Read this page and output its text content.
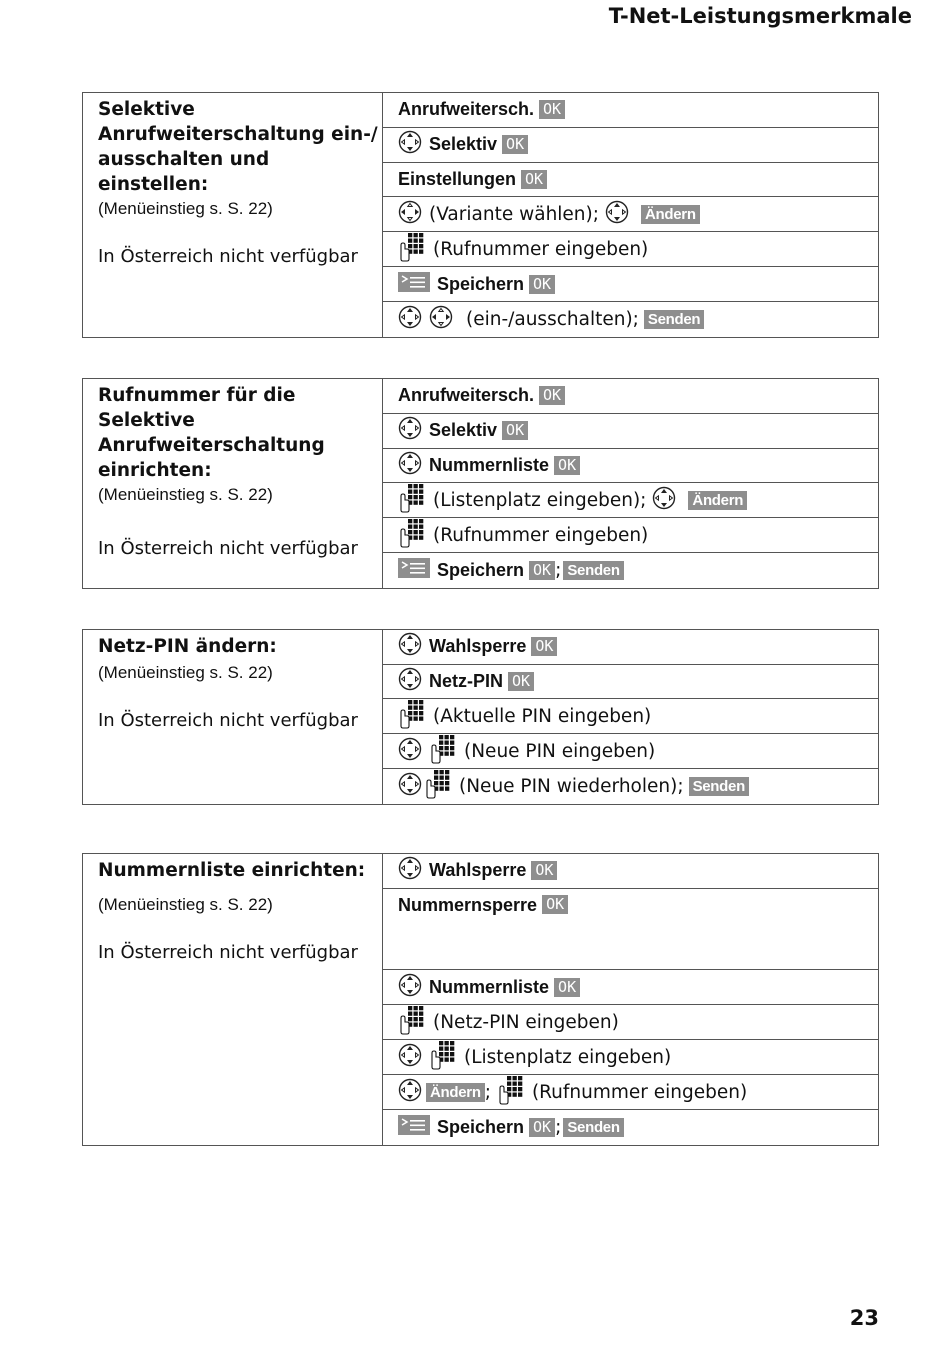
T-Net-Leistungsmerkmale
Selektive
Anrufweiterschaltung ein-/
ausschalten und einstellen:
(Menüeinstieg s. S. 22)
In Österreich nicht verfügbar
Anrufweitersch. OK
Selektiv OK
Einstellungen OK
(Variante wählen);	Ändern
(Rufnummer eingeben)
Speichern OK
(ein-/ausschalten); Senden
Rufnummer für die Selektive
Anrufweiterschaltung
einrichten:
(Menüeinstieg s. S. 22)
In Österreich nicht verfügbar
Anrufweitersch. OK
Selektiv OK
Nummernliste OK
(Listenplatz eingeben);	Ändern
(Rufnummer eingeben)
Speichern OK ; Senden
Netz-PIN ändern:
(Menüeinstieg s. S. 22)
In Österreich nicht verfügbar
Wahlsperre OK
Netz-PIN OK
(Aktuelle PIN eingeben)
(Neue PIN eingeben)
(Neue PIN wiederholen); Senden
Nummernliste einrichten:
(Menüeinstieg s. S. 22)
In Österreich nicht verfügbar
Wahlsperre OK
Nummernsperre OK
Nummernliste OK
(Netz-PIN eingeben)
(Listenplatz eingeben)
Ändern ; (Rufnummer eingeben)
Speichern OK ; Senden
23
